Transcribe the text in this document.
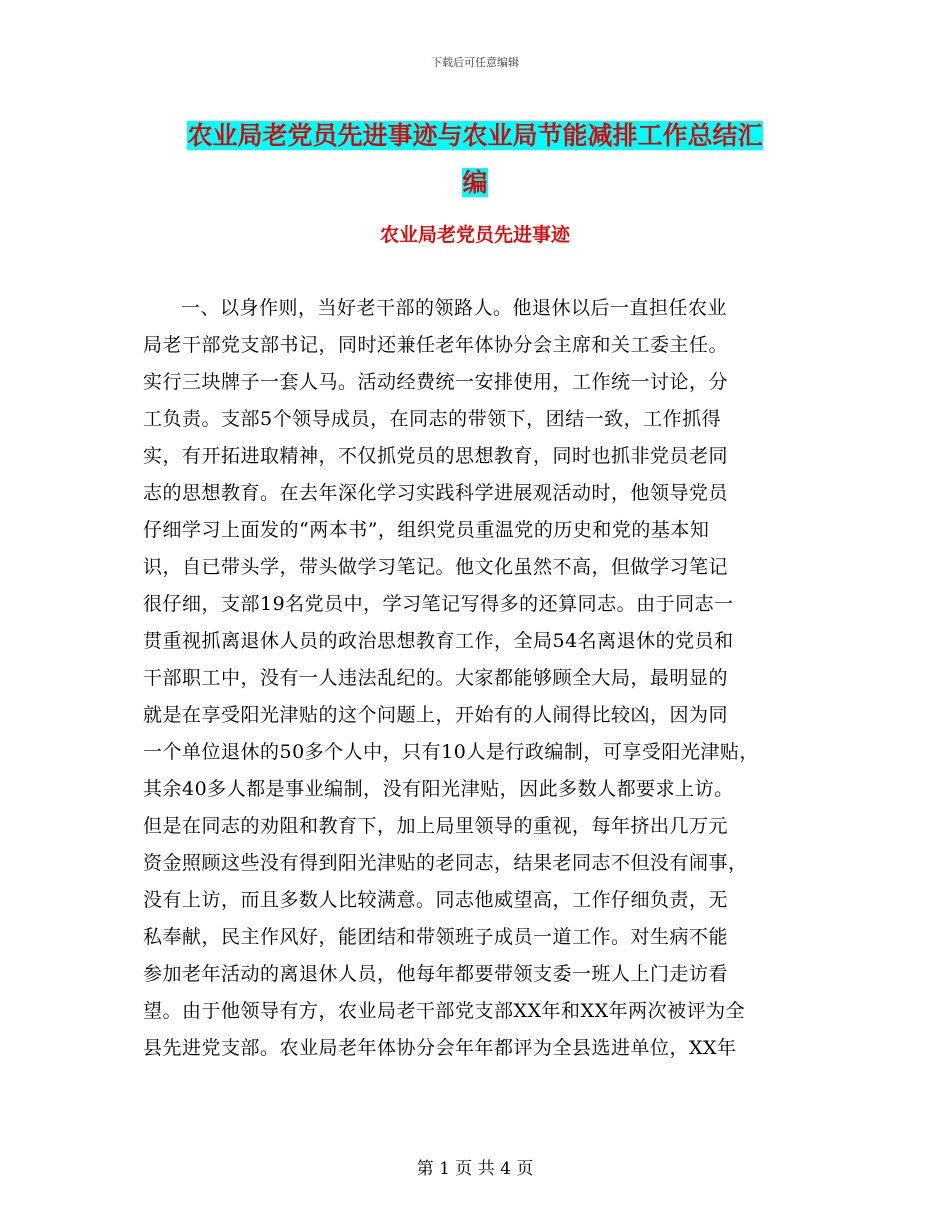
下载后可任意编辑
农业局老党员先进事迹与农业局节能减排工作总结汇
编
农业局老党员先进事迹
一、以身作则，当好老干部的领路人。他退休以后一直担任农业
局老干部党支部书记，同时还兼任老年体协分会主席和关工委主任。
实行三块牌子一套人马。活动经费统一安排使用，工作统一讨论，分
工负责。支部5个领导成员，在同志的带领下，团结一致，工作抓得
实，有开拓进取精神，不仅抓党员的思想教育，同时也抓非党员老同
志的思想教育。在去年深化学习实践科学进展观活动时，他领导党员
仔细学习上面发的“两本书”，组织党员重温党的历史和党的基本知
识，自已带头学，带头做学习笔记。他文化虽然不高，但做学习笔记
很仔细，支部19名党员中，学习笔记写得多的还算同志。由于同志一
贯重视抓离退休人员的政治思想教育工作，全局54名离退休的党员和
干部职工中，没有一人违法乱纪的。大家都能够顾全大局，最明显的
就是在享受阳光津贴的这个问题上，开始有的人闹得比较凶，因为同
一个单位退休的50多个人中，只有10人是行政编制，可享受阳光津贴，
其余40多人都是事业编制，没有阳光津贴，因此多数人都要求上访。
但是在同志的劝阻和教育下，加上局里领导的重视，每年挤出几万元
资金照顾这些没有得到阳光津贴的老同志，结果老同志不但没有闹事，
没有上访，而且多数人比较满意。同志他威望高，工作仔细负责，无
私奉献，民主作风好，能团结和带领班子成员一道工作。对生病不能
参加老年活动的离退休人员，他每年都要带领支委一班人上门走访看
望。由于他领导有方，农业局老干部党支部XX年和XX年两次被评为全
县先进党支部。农业局老年体协分会年年都评为全县选进单位，XX年
第 1 页 共 4 页
